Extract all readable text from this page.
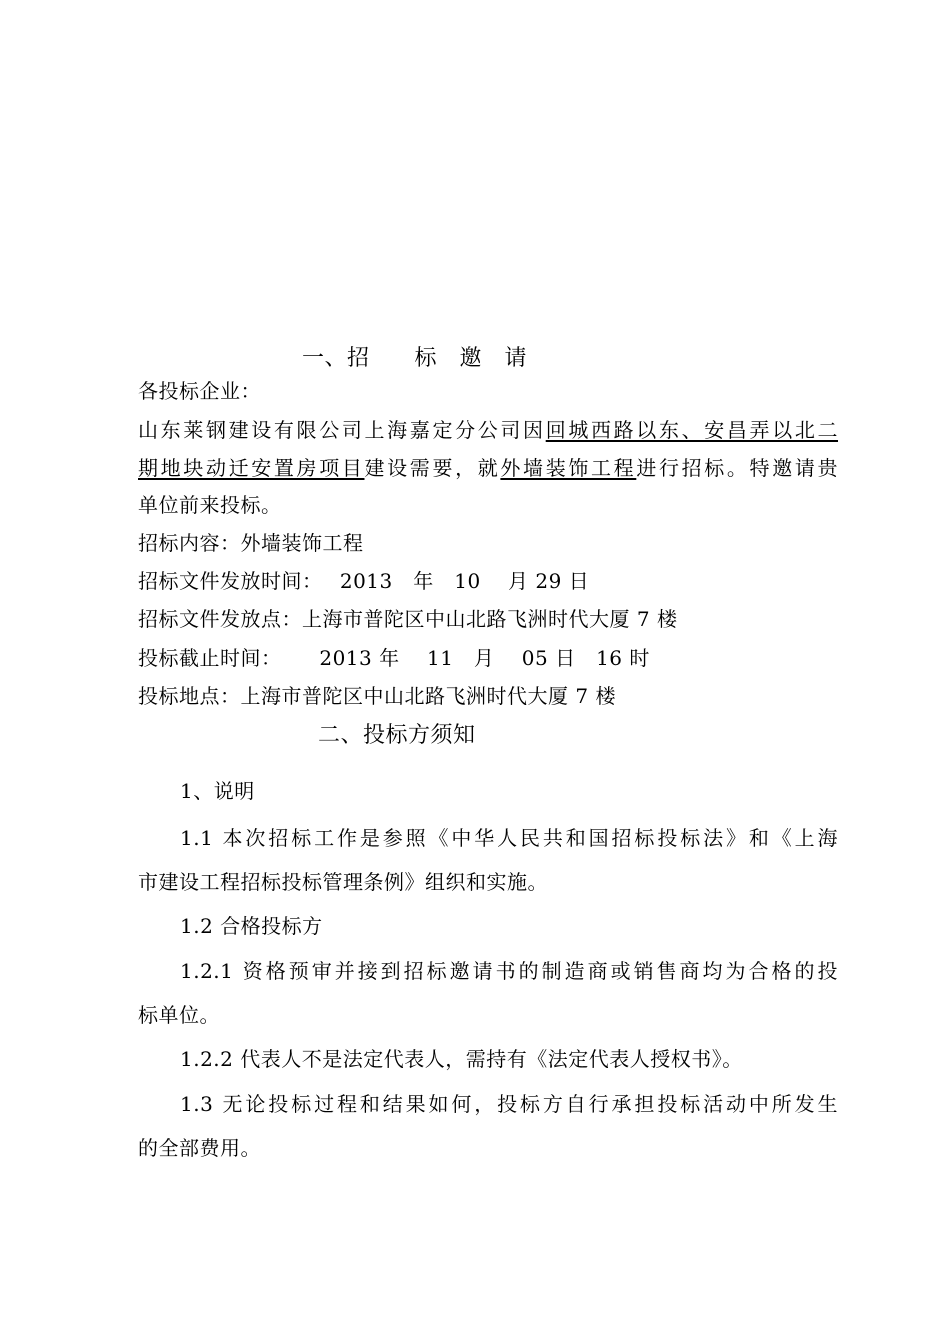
一、招　　标　邀　请
各投标企业：
山东莱钢建设有限公司上海嘉定分公司因回城西路以东、安昌弄以北二
期地块动迁安置房项目建设需要，就外墙装饰工程进行招标。特邀请贵
单位前来投标。
招标内容：外墙装饰工程
招标文件发放时间：　 2013　年　10　 月 29 日
招标文件发放点：上海市普陀区中山北路飞洲时代大厦 7 楼
投标截止时间：　 　2013 年　 11　月　 05 日　16 时
投标地点：上海市普陀区中山北路飞洲时代大厦 7 楼
二、投标方须知
1、说明
1.1 本次招标工作是参照《中华人民共和国招标投标法》和《上海
市建设工程招标投标管理条例》组织和实施。
1.2 合格投标方
1.2.1 资格预审并接到招标邀请书的制造商或销售商均为合格的投
标单位。
1.2.2 代表人不是法定代表人，需持有《法定代表人授权书》。
1.3 无论投标过程和结果如何，投标方自行承担投标活动中所发生
的全部费用。
